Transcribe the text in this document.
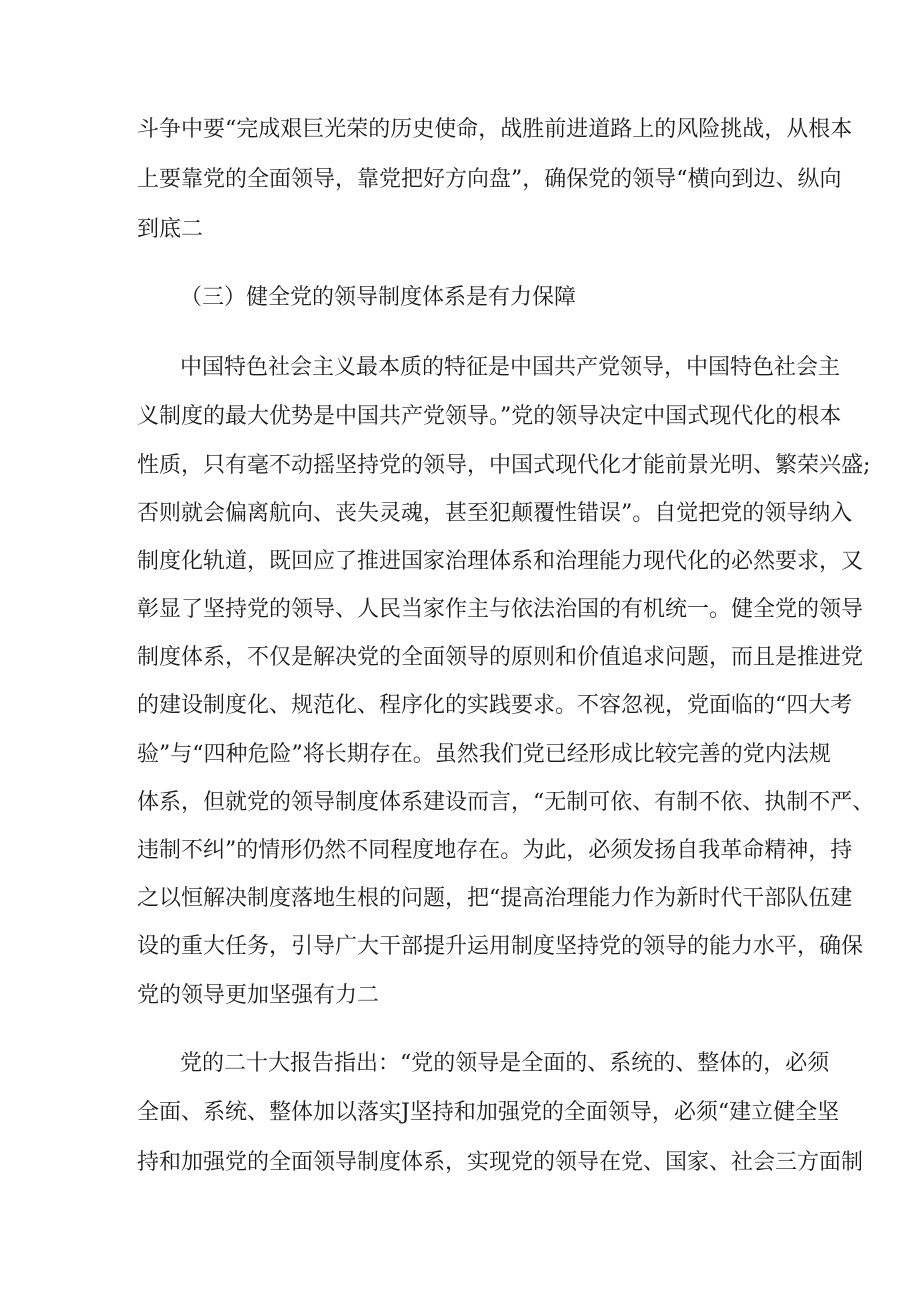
斗争中要“完成艰巨光荣的历史使命，战胜前进道路上的风险挑战，从根本
上要靠党的全面领导，靠党把好方向盘”，确保党的领导“横向到边、纵向
到底二
（三）健全党的领导制度体系是有力保障
中国特色社会主义最本质的特征是中国共产党领导，中国特色社会主
义制度的最大优势是中国共产党领导。”党的领导决定中国式现代化的根本
性质，只有毫不动摇坚持党的领导，中国式现代化才能前景光明、繁荣兴盛;
否则就会偏离航向、丧失灵魂，甚至犯颠覆性错误”。自觉把党的领导纳入
制度化轨道，既回应了推进国家治理体系和治理能力现代化的必然要求，又
彰显了坚持党的领导、人民当家作主与依法治国的有机统一。健全党的领导
制度体系，不仅是解决党的全面领导的原则和价值追求问题，而且是推进党
的建设制度化、规范化、程序化的实践要求。不容忽视，党面临的“四大考
验”与“四种危险”将长期存在。虽然我们党已经形成比较完善的党内法规
体系，但就党的领导制度体系建设而言，“无制可依、有制不依、执制不严、
违制不纠”的情形仍然不同程度地存在。为此，必须发扬自我革命精神，持
之以恒解决制度落地生根的问题，把“提高治理能力作为新时代干部队伍建
设的重大任务，引导广大干部提升运用制度坚持党的领导的能力水平，确保
党的领导更加坚强有力二
党的二十大报告指出：“党的领导是全面的、系统的、整体的，必须
全面、系统、整体加以落实J坚持和加强党的全面领导，必须“建立健全坚
持和加强党的全面领导制度体系，实现党的领导在党、国家、社会三方面制
